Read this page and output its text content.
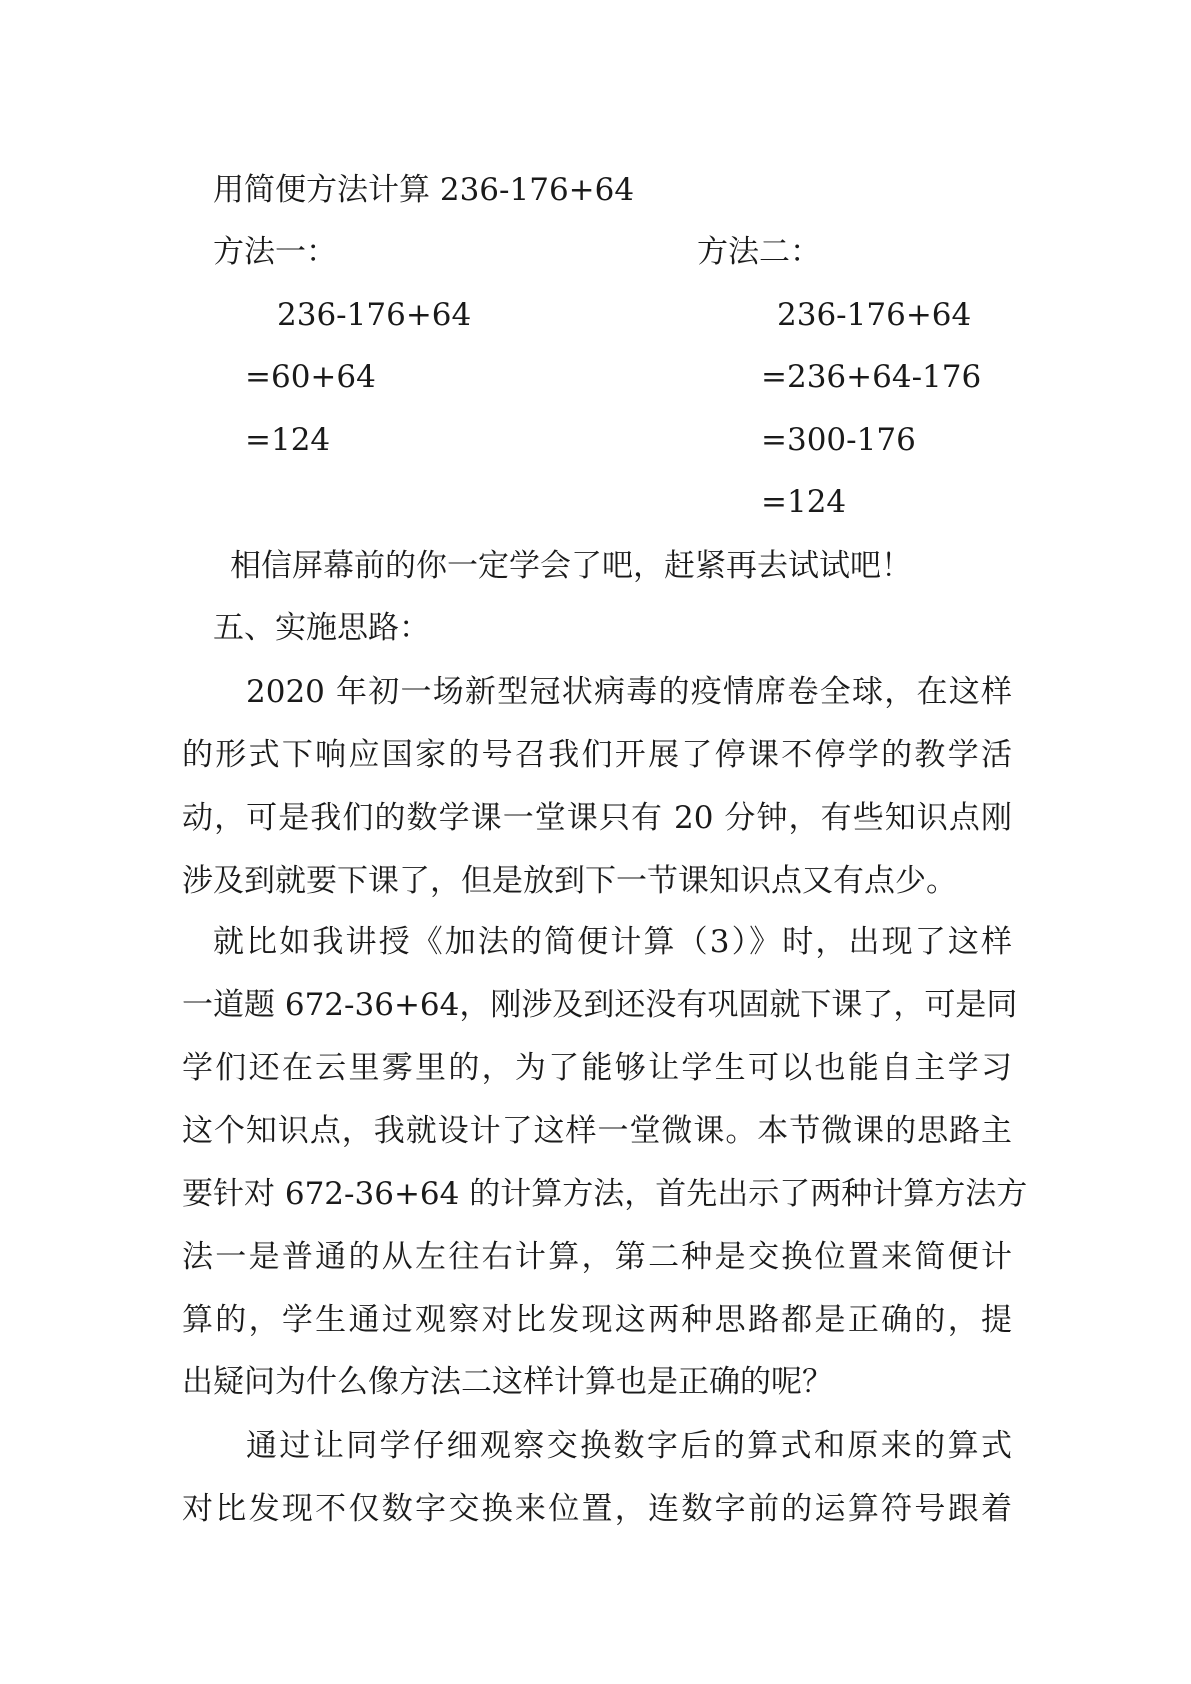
用简便方法计算 236-176+64
方法一：
236-176+64
=60+64
=124
方法二：
236-176+64
=236+64-176
=300-176
=124
相信屏幕前的你一定学会了吧，赶紧再去试试吧！
五、实施思路：
2020 年初一场新型冠状病毒的疫情席卷全球，在这样
的形式下响应国家的号召我们开展了停课不停学的教学活
动，可是我们的数学课一堂课只有 20 分钟，有些知识点刚
涉及到就要下课了，但是放到下一节课知识点又有点少。
就比如我讲授《加法的简便计算（3）》时，出现了这样
一道题 672-36+64，刚涉及到还没有巩固就下课了，可是同
学们还在云里雾里的，为了能够让学生可以也能自主学习
这个知识点，我就设计了这样一堂微课。本节微课的思路主
要针对 672-36+64 的计算方法，首先出示了两种计算方法方
法一是普通的从左往右计算，第二种是交换位置来简便计
算的，学生通过观察对比发现这两种思路都是正确的，提
出疑问为什么像方法二这样计算也是正确的呢？
通过让同学仔细观察交换数字后的算式和原来的算式
对比发现不仅数字交换来位置，连数字前的运算符号跟着
